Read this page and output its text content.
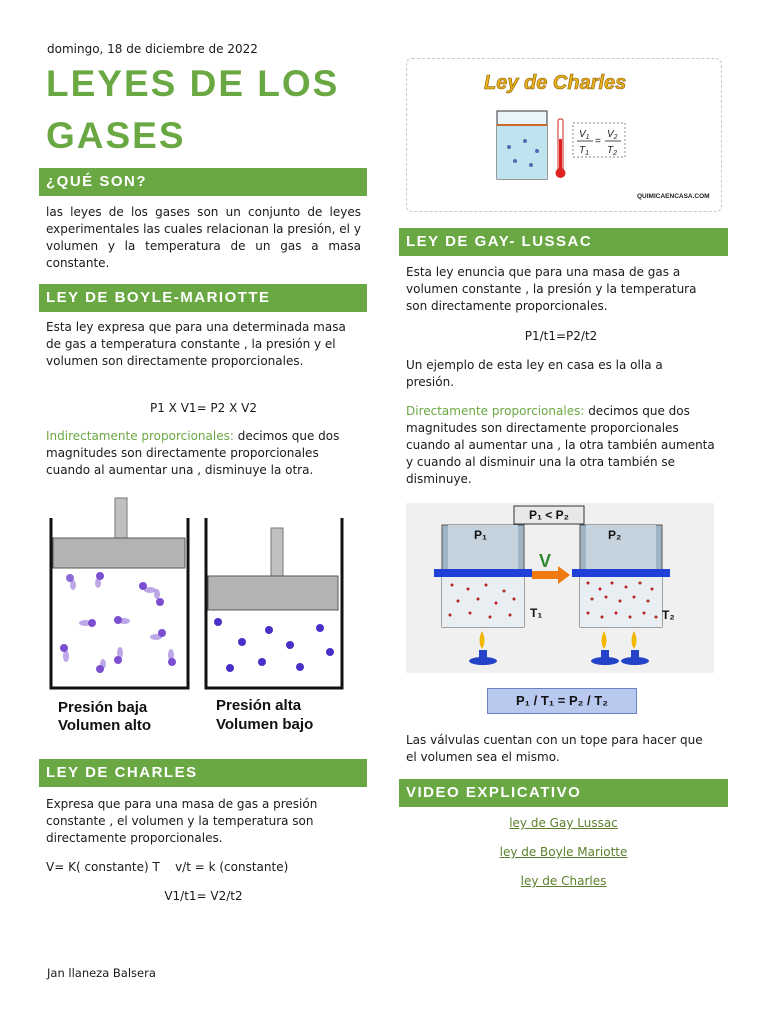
domingo, 18 de diciembre de 2022
LEYES DE LOS
GASES
¿QUÉ SON?
las leyes de los gases son un conjunto de leyes experimentales las cuales relacionan la presión, el y volumen y la temperatura de un gas a masa constante.
LEY DE BOYLE-MARIOTTE
Esta ley expresa que para una determinada masa de gas a temperatura constante , la presión y el volumen son directamente proporcionales.
P1 X V1= P2 X V2
Indirectamente proporcionales: decimos que dos magnitudes son directamente proporcionales cuando al aumentar una , disminuye la otra.
Presión baja
Volumen alto
Presión alta
Volumen bajo
LEY DE CHARLES
Expresa que para una masa de gas a presión constante , el volumen y la temperatura son directamente proporcionales.
V= K( constante) T    v/t = k (constante)
V1/t1= V2/t2
Jan llaneza Balsera
Ley de Charles
$V_1$
$T_1$
=
$V_2$
$T_2$
QUIMICAENCASA.COM
LEY DE GAY- LUSSAC
Esta ley enuncia que para una masa de gas a volumen constante , la presión y la temperatura son directamente proporcionales.
P1/t1=P2/t2
Un ejemplo de esta ley en casa es la olla a presión.
Directamente proporcionales: decimos que dos magnitudes son directamente proporcionales cuando al aumentar una , la otra también aumenta y cuando al disminuir una la otra también se disminuye.
P₁ < P₂
P₁
T₁
V
P₂
T₂
P₁ / T₁ = P₂ / T₂
Las válvulas cuentan con un tope para hacer que el volumen sea el mismo.
VIDEO EXPLICATIVO
ley de Gay Lussac
ley de Boyle Mariotte
ley de Charles
